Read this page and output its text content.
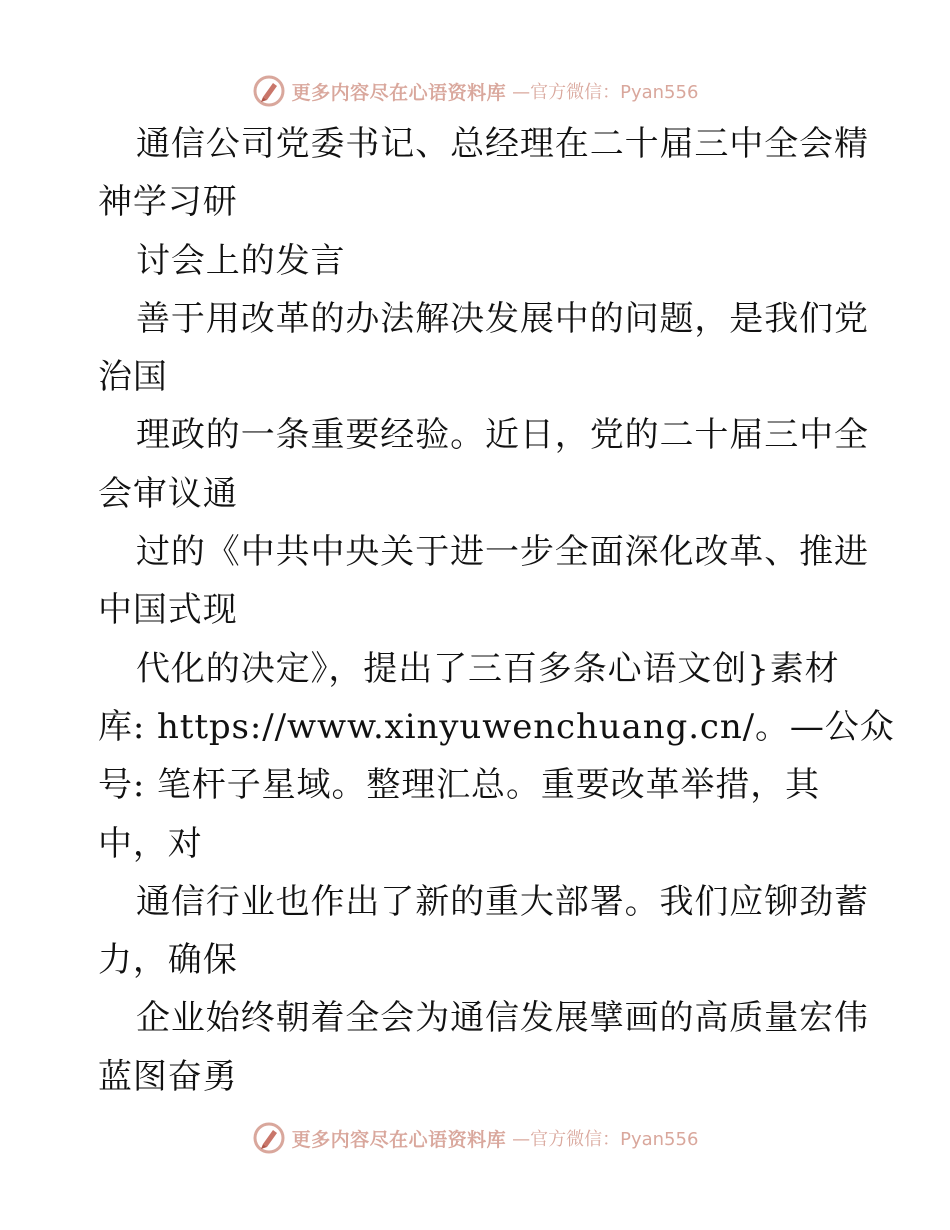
更多内容尽在心语资料库 —官方微信：Pyan556
通信公司党委书记、总经理在二十届三中全会精
神学习研
讨会上的发言
善于用改革的办法解决发展中的问题，是我们党
治国
理政的一条重要经验。近日，党的二十届三中全
会审议通
过的《中共中央关于进一步全面深化改革、推进
中国式现
代化的决定》，提出了三百多条心语文创}素材
库: https://www.xinyuwenchuang.cn/。—公众
号: 笔杆子星域。整理汇总。重要改革举措，其
中，对
通信行业也作出了新的重大部署。我们应铆劲蓄
力，确保
企业始终朝着全会为通信发展擘画的高质量宏伟
蓝图奋勇
更多内容尽在心语资料库 —官方微信：Pyan556
